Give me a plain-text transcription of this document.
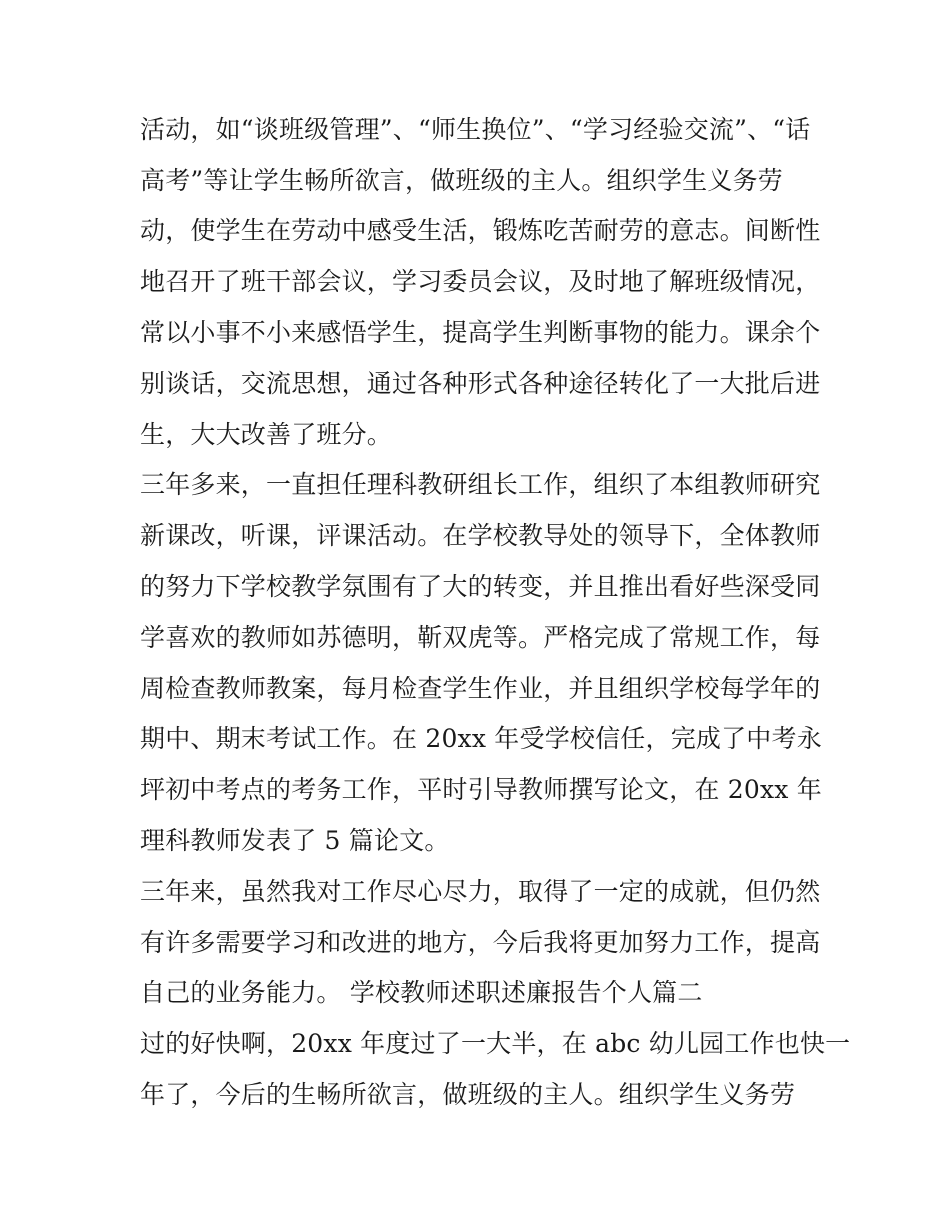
活动，如“谈班级管理”、“师生换位”、“学习经验交流”、“话
高考”等让学生畅所欲言，做班级的主人。组织学生义务劳
动，使学生在劳动中感受生活，锻炼吃苦耐劳的意志。间断性
地召开了班干部会议，学习委员会议，及时地了解班级情况，
常以小事不小来感悟学生，提高学生判断事物的能力。课余个
别谈话，交流思想，通过各种形式各种途径转化了一大批后进
生，大大改善了班分。
三年多来，一直担任理科教研组长工作，组织了本组教师研究
新课改，听课，评课活动。在学校教导处的领导下，全体教师
的努力下学校教学氛围有了大的转变，并且推出看好些深受同
学喜欢的教师如苏德明，靳双虎等。严格完成了常规工作，每
周检查教师教案，每月检查学生作业，并且组织学校每学年的
期中、期末考试工作。在 20xx 年受学校信任，完成了中考永
坪初中考点的考务工作，平时引导教师撰写论文，在 20xx 年
理科教师发表了 5 篇论文。
三年来，虽然我对工作尽心尽力，取得了一定的成就，但仍然
有许多需要学习和改进的地方，今后我将更加努力工作，提高
自己的业务能力。 学校教师述职述廉报告个人篇二
过的好快啊，20xx 年度过了一大半，在 abc 幼儿园工作也快一
年了，今后的生畅所欲言，做班级的主人。组织学生义务劳
